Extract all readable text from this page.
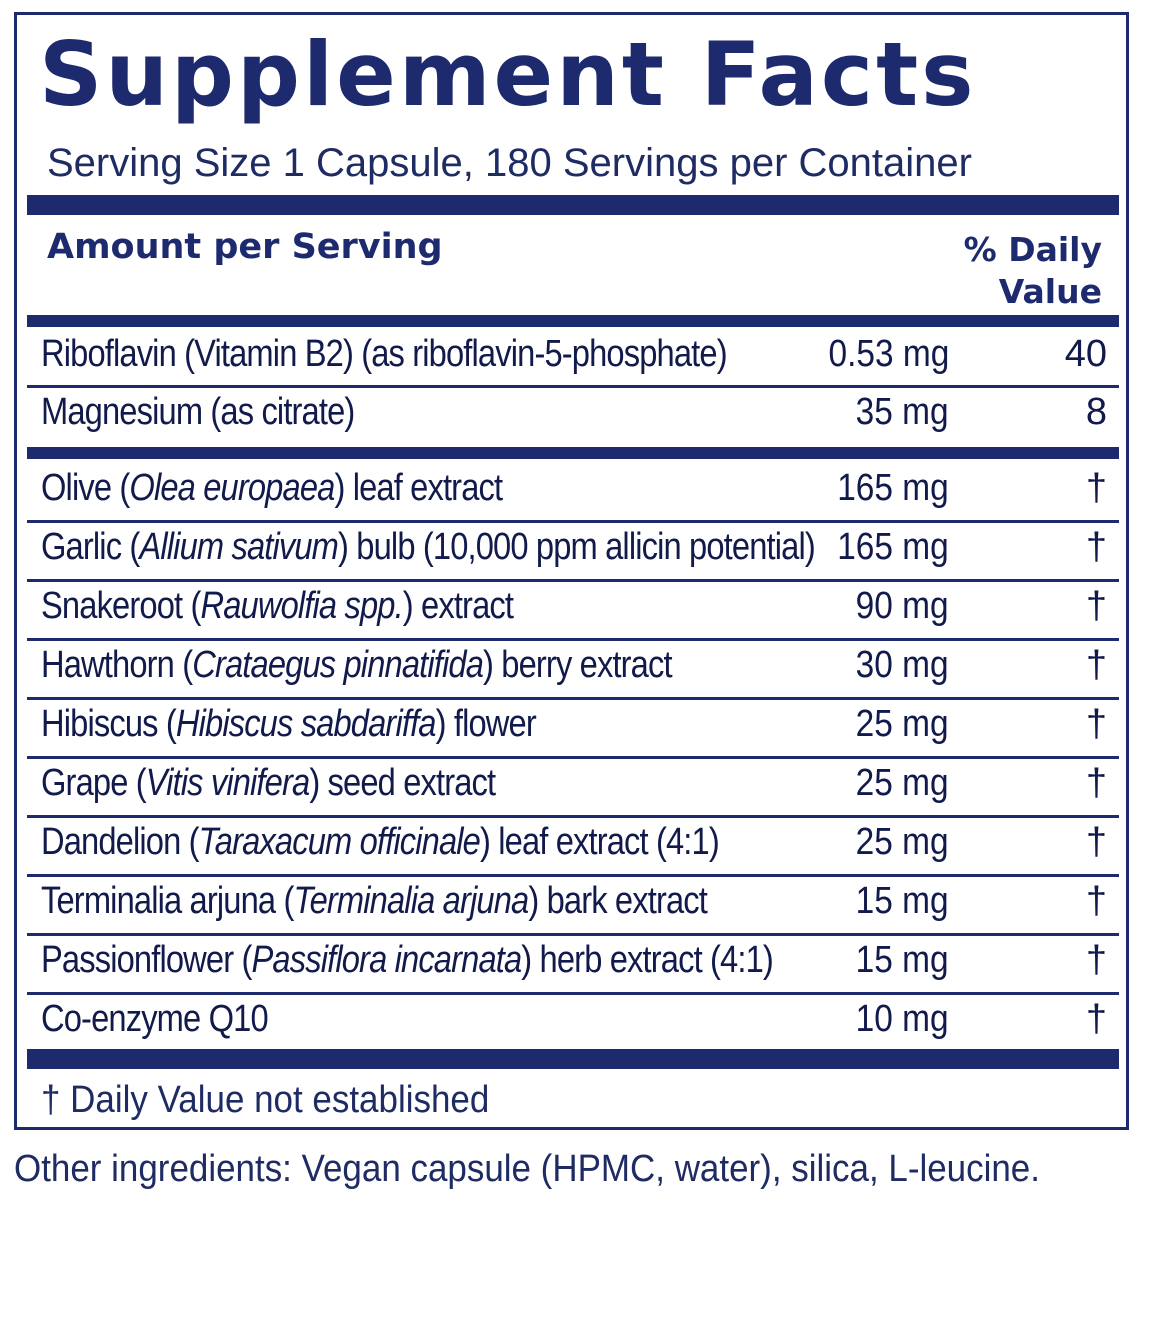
Supplement Facts
Serving Size 1 Capsule, 180 Servings per Container
Amount per Serving	% Daily
Value
Riboflavin (Vitamin B2) (as riboflavin-5-phosphate)	0.53 mg	40
Magnesium (as citrate)	35 mg	8
Olive (Olea europaea) leaf extract	165 mg	†
Garlic (Allium sativum) bulb (10,000 ppm allicin potential) 165 mg	†
Snakeroot (Rauwolfia spp.) extract	90 mg	†
Hawthorn (Crataegus pinnatifida) berry extract	30 mg	†
Hibiscus (Hibiscus sabdariffa) flower	25 mg	†
Grape (Vitis vinifera) seed extract	25 mg	†
Dandelion (Taraxacum officinale) leaf extract (4:1)	25 mg	†
Terminalia arjuna (Terminalia arjuna) bark extract	15 mg	†
Passionflower (Passiflora incarnata) herb extract (4:1) 15 mg	†
Co-enzyme Q10	10 mg	†
† Daily Value not established
Other ingredients: Vegan capsule (HPMC, water), silica, L-leucine.
